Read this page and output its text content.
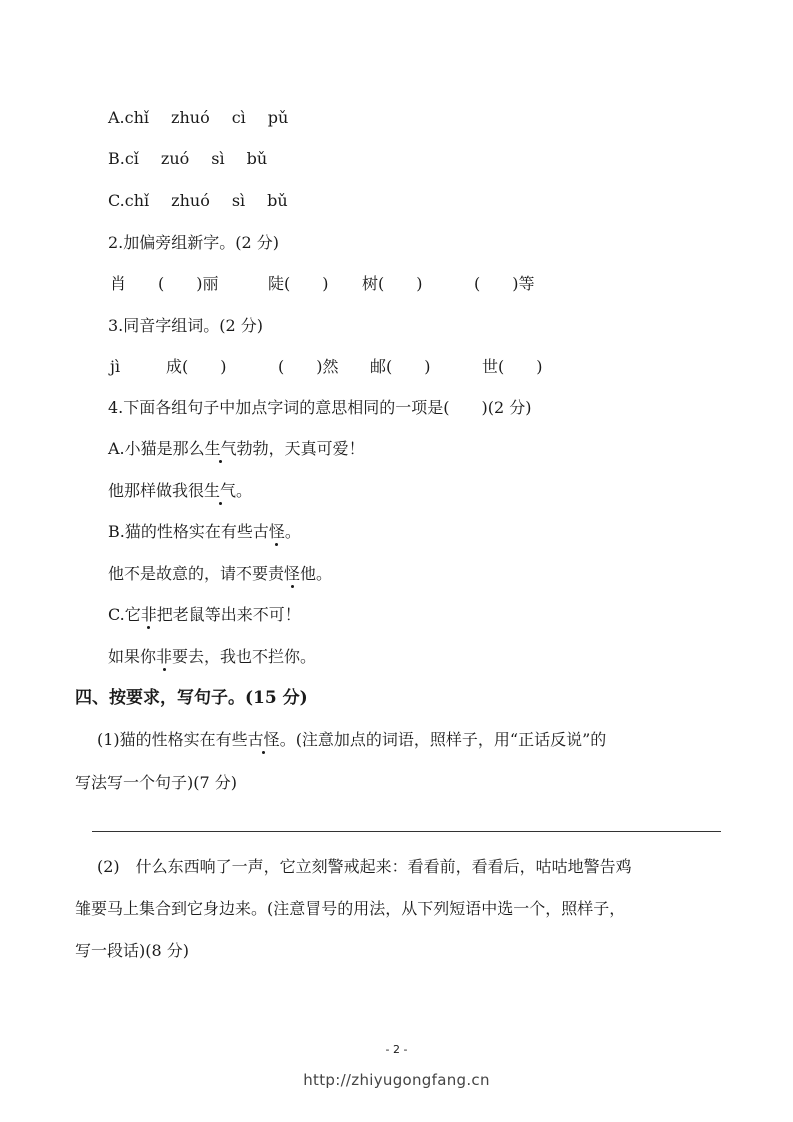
A.chǐ zhuó cì pǔ
B.cǐ zuó sì bǔ
C.chǐ zhuó sì bǔ
2.加偏旁组新字。(2 分)
肖 (　　)丽	陡(　　) 树(　　)	(　　)等
3.同音字组词。(2 分)
jì	成(　　)	(　　)然 邮(　　)	世(　　)
4.下面各组句子中加点字词的意思相同的一项是(　　)(2 分)
A.小猫是那么生气勃勃，天真可爱！
他那样做我很生气。
B.猫的性格实在有些古怪。
他不是故意的，请不要责怪他。
C.它非把老鼠等出来不可！
如果你非要去，我也不拦你。
四、按要求，写句子。(15 分)
(1)猫的性格实在有些古怪。(注意加点的词语，照样子，用“正话反说”的
写法写一个句子)(7 分)
(2)　什么东西响了一声，它立刻警戒起来：看看前，看看后，咕咕地警告鸡
雏要马上集合到它身边来。(注意冒号的用法，从下列短语中选一个，照样子，
写一段话)(8 分)
- 2 -
http://zhiyugongfang.cn
